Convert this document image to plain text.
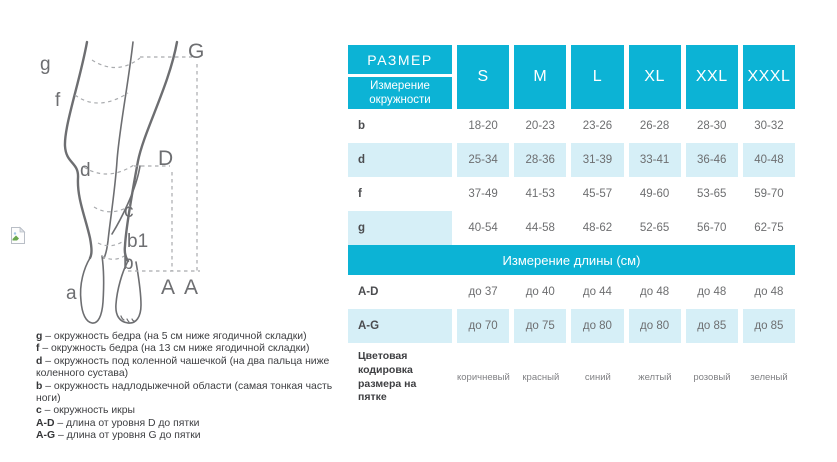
g
f
d
c
b1
b
a
G
D
A A
g – окружность бедра (на 5 см ниже ягодичной складки)
f – окружность бедра (на 13 см ниже ягодичной складки)
d – окружность под коленной чашечкой (на два пальца ниже коленного сустава)
b – окружность надлодыжечной области (самая тонкая часть ноги)
c – окружность икры
A-D – длина от уровня D до пятки
A-G – длина от уровня G до пятки
РАЗМЕР
Измерение окружности
S	M	L	XL	XXL	XXXL
b	18-20	20-23	23-26	26-28	28-30	30-32
d	25-34	28-36	31-39	33-41	36-46	40-48
f	37-49	41-53	45-57	49-60	53-65	59-70
g	40-54	44-58	48-62	52-65	56-70	62-75
Измерение длины (см)
A-D	до 37	до 40	до 44	до 48	до 48	до 48
A-G	до 70	до 75	до 80	до 80	до 85	до 85
Цветовая кодировка размера на пятке
коричневый	красный	синий	желтый	розовый	зеленый
